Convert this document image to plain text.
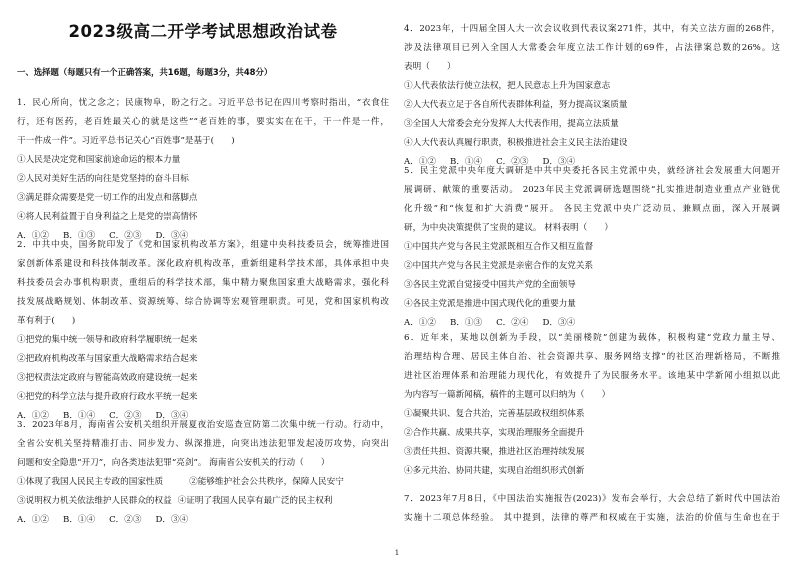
2023级高二开学考试思想政治试卷
一、选择题（每题只有一个正确答案，共16题，每题3分，共48分）
1．民心所向，忧之念之；民康物阜，盼之行之。习近平总书记在四川考察时指出，“衣食住
行，还有医药，老百姓最关心的就是这些”“老百姓的事，要实实在在干，干一件是一件，
干一件成一件”。习近平总书记关心“百姓事”是基于(　　)
①人民是决定党和国家前途命运的根本力量
②人民对美好生活的向往是党坚持的奋斗目标
③满足群众需要是党一切工作的出发点和落脚点
④将人民利益置于自身利益之上是党的崇高情怀
A．①② B．①③ C．②③ D．③④
2．中共中央，国务院印发了《党和国家机构改革方案》，组建中央科技委员会，统筹推进国
家创新体系建设和科技体制改革。深化政府机构改革，重新组建科学技术部，具体承担中央
科技委员会办事机构职责，重组后的科学技术部，集中精力聚焦国家重大战略需求，强化科
技发展战略规划、体制改革、资源统筹、综合协调等宏观管理职责。可见，党和国家机构改
革有利于(　　)
①把党的集中统一领导和政府科学履职统一起来
②把政府机构改革与国家重大战略需求结合起来
③把权责法定政府与智能高效政府建设统一起来
④把党的科学立法与提升政府行政水平统一起来
A．①② B．①④ C．②③ D．③④
3．2023年8月，海南省公安机关组织开展夏夜治安巡查宣防第二次集中统一行动。行动中，
全省公安机关坚持精准打击、同步发力、纵深推进，向突出违法犯罪发起凌厉攻势，向突出
问题和安全隐患“开刀”，向各类违法犯罪“亮剑”。 海南省公安机关的行动（　　）
①体现了我国人民民主专政的国家性质	②能够维护社会公共秩序，保障人民安宁
③说明权力机关依法维护人民群众的权益 ④证明了我国人民享有最广泛的民主权利
A．①② B．①④ C．②③ D．③④
4．2023年，十四届全国人大一次会议收到代表议案271件，其中，有关立法方面的268件，
涉及法律项目已列入全国人大常委会年度立法工作计划的69件，占法律案总数的26%。这
表明（　　）
①人代表依法行使立法权，把人民意志上升为国家意志
②人大代表立足于各自所代表群体利益，努力提高议案质量
③全国人大常委会充分发挥人大代表作用，提高立法质量
④人大代表认真履行职责，积极推进社会主义民主法治建设
A．①② B．①④ C．②③ D．③④
5．民主党派中央年度大调研是中共中央委托各民主党派中央，就经济社会发展重大问题开
展调研、献策的重要活动。 2023年民主党派调研选题围绕“扎实推进制造业重点产业链优
化升级”和“恢复和扩大消费”展开。 各民主党派中央广泛动员、兼顾点面，深入开展调
研，为中央决策提供了宝贵的建议。 材料表明（　　）
①中国共产党与各民主党派既相互合作又相互监督
②中国共产党与各民主党派是亲密合作的友党关系
③各民主党派自觉接受中国共产党的全面领导
④各民主党派是推进中国式现代化的重要力量
A．①② B．①③ C．②④ D．③④
6．近年来，某地以创新为手段，以“美丽楼院”创建为载体，积极构建“党政力量主导、
治理结构合理、居民主体自治、社会资源共享、服务网络支撑”的社区治理新格局，不断推
进社区治理体系和治理能力现代化，有效提升了为民服务水平。该地某中学新闻小组拟以此
为内容写一篇新闻稿，稿件的主题可以归纳为（　　）
①凝聚共识、复合共治，完善基层政权组织体系
②合作共赢、成果共享，实现治理服务全面提升
③责任共担、资源共聚，推进社区治理持续发展
④多元共治、协同共建，实现自治组织形式创新
7．2023年7月8日，《中国法治实施报告(2023)》发布会举行，大会总结了新时代中国法治
实施十二项总体经验。 其中提到，法律的尊严和权威在于实施，法治的价值与生命也在于
1
